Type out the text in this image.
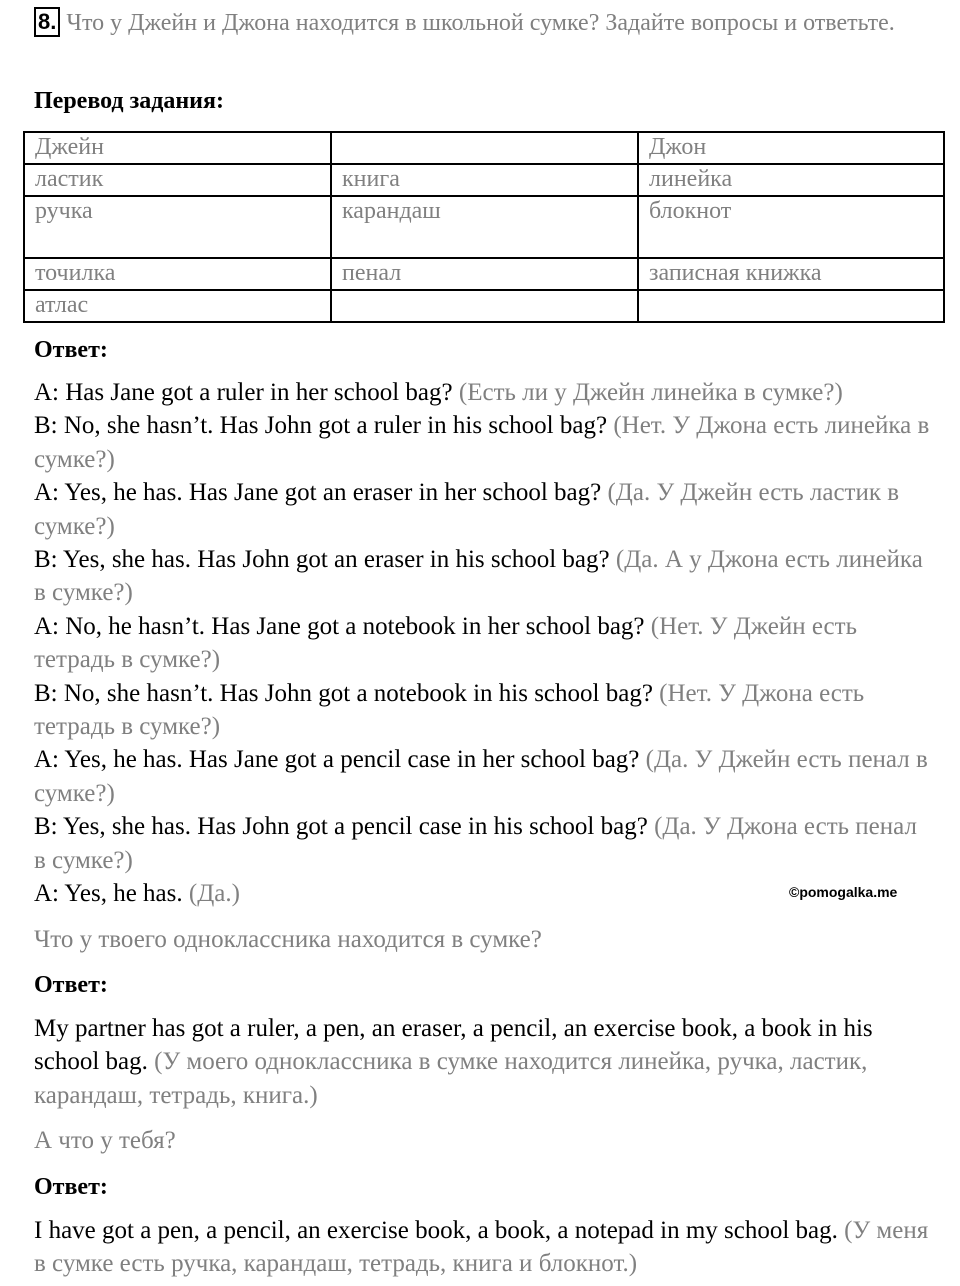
8. Что у Джейн и Джона находится в школьной сумке? Задайте вопросы и ответьте.
Перевод задания:
Джейн		Джон
ластик	книга	линейка
ручка	карандаш	блокнот
точилка	пенал	записная книжка
атлас		
Ответ:

A: Has Jane got a ruler in her school bag? (Есть ли у Джейн линейка в сумке?)

B: No, she hasn’t. Has John got a ruler in his school bag? (Нет. У Джона есть линейка в сумке?)

A: Yes, he has. Has Jane got an eraser in her school bag? (Да. У Джейн есть ластик в сумке?)

B: Yes, she has. Has John got an eraser in his school bag? (Да. А у Джона есть линейка в сумке?)

A: No, he hasn’t. Has Jane got a notebook in her school bag? (Нет. У Джейн есть тетрадь в сумке?)

B: No, she hasn’t. Has John got a notebook in his school bag? (Нет. У Джона есть тетрадь в сумке?)

A: Yes, he has. Has Jane got a pencil case in her school bag? (Да. У Джейн есть пенал в сумке?)

B: Yes, she has. Has John got a pencil case in his school bag? (Да. У Джона есть пенал в сумке?)

A: Yes, he has. (Да.)	©pomogalka.me
Что у твоего одноклассника находится в сумке?
Ответ:
My partner has got a ruler, a pen, an eraser, a pencil, an exercise book, a book in his school bag. (У моего одноклассника в сумке находится линейка, ручка, ластик, карандаш, тетрадь, книга.)
А что у тебя?
Ответ:
I have got a pen, a pencil, an exercise book, a book, a notepad in my school bag. (У меня в сумке есть ручка, карандаш, тетрадь, книга и блокнот.)
